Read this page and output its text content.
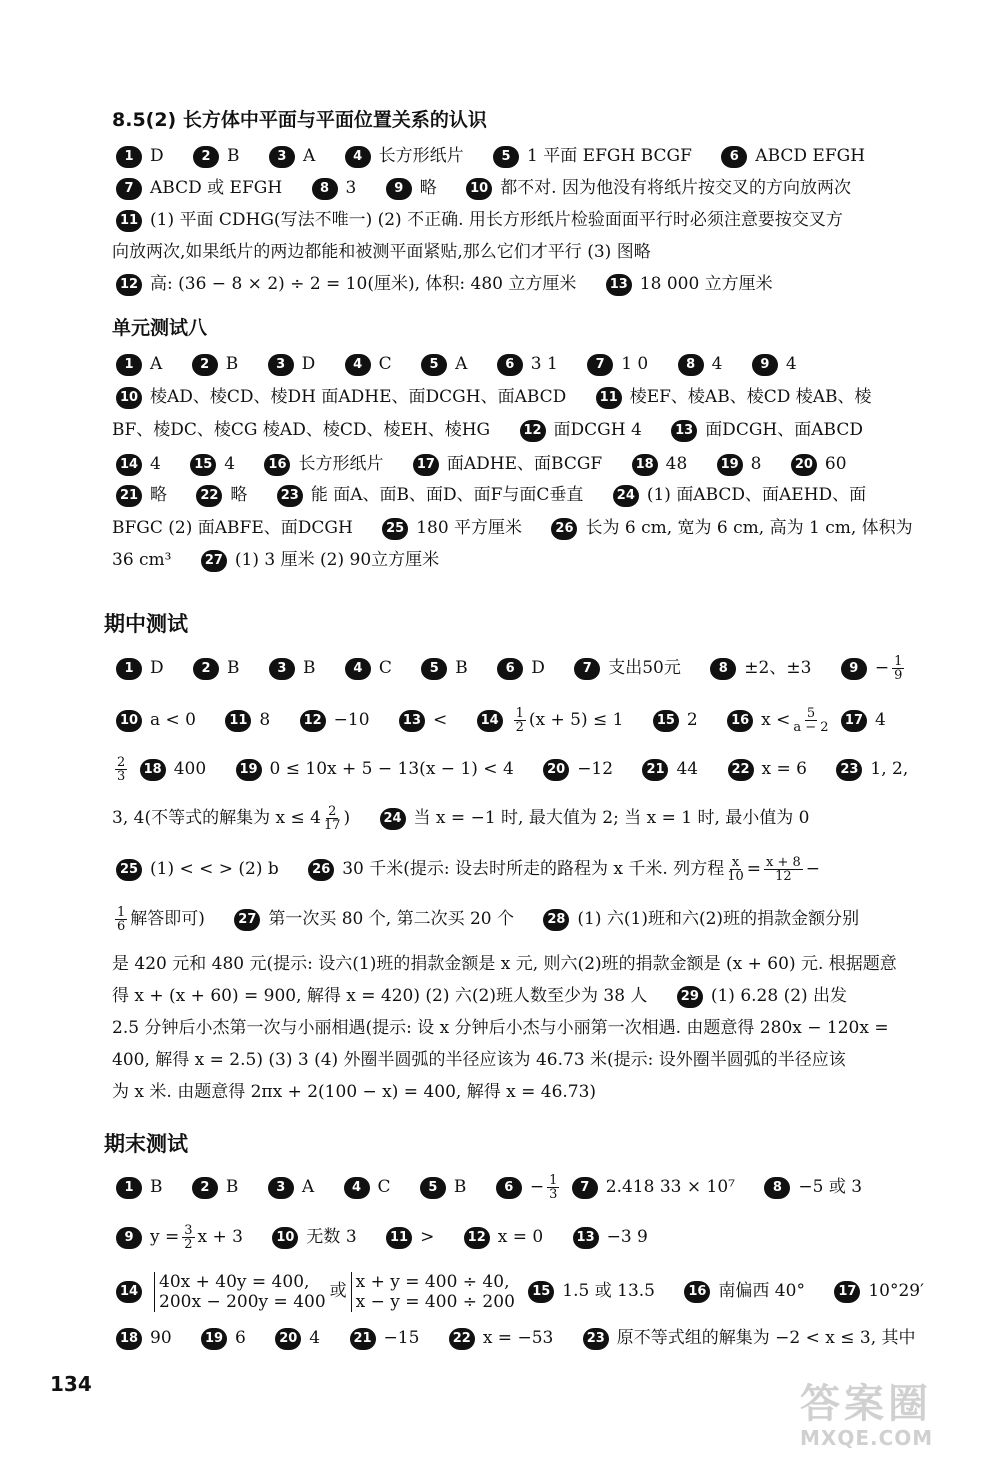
8.5(2) 长方体中平面与平面位置关系的认识
1 D	2 B	3 A	4 长方形纸片	5 1 平面 EFGH BCGF	6 ABCD EFGH
7 ABCD 或 EFGH	8 3	9 略	10 都不对. 因为他没有将纸片按交叉的方向放两次
11 (1) 平面 CDHG(写法不唯一) (2) 不正确. 用长方形纸片检验面面平行时必须注意要按交叉方
向放两次,如果纸片的两边都能和被测平面紧贴,那么它们才平行 (3) 图略
12 高: (36 − 8 × 2) ÷ 2 = 10(厘米), 体积: 480 立方厘米	13 18 000 立方厘米
单元测试八
1 A	2 B	3 D	4 C	5 A	6 3 1	7 1 0	8 4	9 4
10 棱AD、棱CD、棱DH 面ADHE、面DCGH、面ABCD	11 棱EF、棱AB、棱CD 棱AB、棱
BF、棱DC、棱CG 棱AD、棱CD、棱EH、棱HG	12 面DCGH 4	13 面DCGH、面ABCD
14 4	15 4	16 长方形纸片	17 面ADHE、面BCGF	18 48	19 8	20 60
21 略	22 略	23 能 面A、面B、面D、面F与面C垂直	24 (1) 面ABCD、面AEHD、面
BFGC (2) 面ABFE、面DCGH	25 180 平方厘米	26 长为 6 cm, 宽为 6 cm, 高为 1 cm, 体积为
36 cm³	27 (1) 3 厘米 (2) 90立方厘米
期中测试
1 D	2 B	3 B	4 C	5 B	6 D	7 支出50元	8 ±2、±3	$9 - \frac{1}{9}$
10 a < 0	11 8	12 −10	13 <	$14 \frac{1}{2} (x + 5) \le 1$	15 2	16 $x < \frac{5}{a - 2} 17$ 4
$\frac{2}{3} 18$ 400	19 0 ≤ 10x + 5 − 13(x − 1) < 4	20 −12	21 44	22 x = 6	23 1, 2,
3, 4(不等式的解集为 $x \le 4 \frac{2}{17}$ )	24 当 x = −1 时, 最大值为 2; 当 x = 1 时, 最小值为 0
25 (1) < < > (2) b	26 30 千米(提示: 设去时所走的路程为 x 千米. 列方程 $\frac{x}{10} = \frac{x + 8}{12}$ −
$\frac{1}{6}$ 解答即可)	27 第一次买 80 个, 第二次买 20 个	28 (1) 六(1)班和六(2)班的捐款金额分别
是 420 元和 480 元(提示: 设六(1)班的捐款金额是 x 元, 则六(2)班的捐款金额是 (x + 60) 元. 根据题意
得 x + (x + 60) = 900, 解得 x = 420) (2) 六(2)班人数至少为 38 人	29 (1) 6.28 (2) 出发
2.5 分钟后小杰第一次与小丽相遇(提示: 设 x 分钟后小杰与小丽第一次相遇. 由题意得 280x − 120x =
400, 解得 x = 2.5) (3) 3 (4) 外圈半圆弧的半径应该为 46.73 米(提示: 设外圈半圆弧的半径应该
为 x 米. 由题意得 2πx + 2(100 − x) = 400, 解得 x = 46.73)
期末测试
1 B	2 B	3 A	4 C	5 B	$6 - \frac{1}{3} 7$ 2.418 33 × 10⁷	8 −5 或 3
9 $y = \frac{3}{2}$ x + 3	10 无数 3	11 >	12 x = 0	13 −3 9
14 40x + 40y = 400,
200x − 200y = 400
或 x + y = 400 ÷ 40,
x − y = 400 ÷ 200
15 1.5 或 13.5	16 南偏西 40°	17 10°29′
18 90	19 6	20 4	21 −15	22 x = −53	23 原不等式组的解集为 −2 < x ≤ 3, 其中
134	答案圈
MXQE.COM
